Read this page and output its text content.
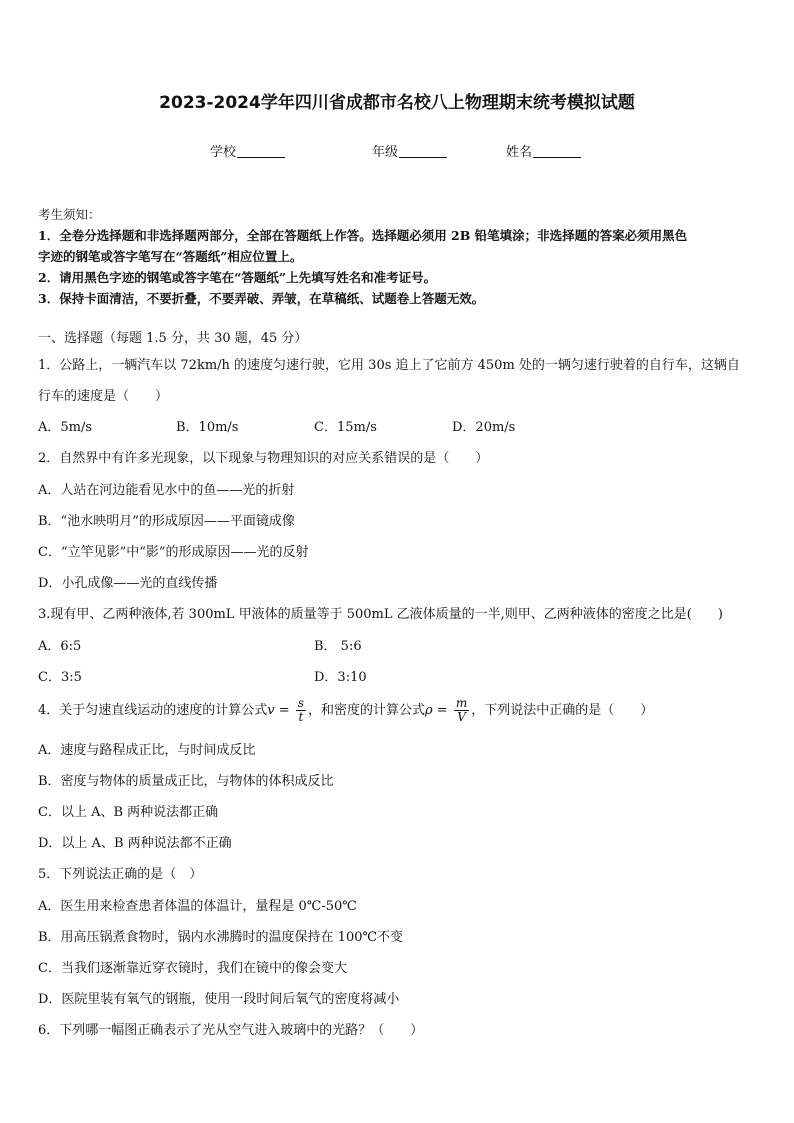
2023-2024学年四川省成都市名校八上物理期末统考模拟试题
学校	年级	姓名
考生须知：
1．全卷分选择题和非选择题两部分，全部在答题纸上作答。选择题必须用 2B 铅笔填涂；非选择题的答案必须用黑色
字迹的钢笔或答字笔写在“答题纸”相应位置上。
2．请用黑色字迹的钢笔或答字笔在“答题纸”上先填写姓名和准考证号。
3．保持卡面清洁，不要折叠，不要弄破、弄皱，在草稿纸、试题卷上答题无效。
一、选择题（每题 1.5 分，共 30 题，45 分）
1．公路上，一辆汽车以 72km/h 的速度匀速行驶，它用 30s 追上了它前方 450m 处的一辆匀速行驶着的自行车，这辆自
行车的速度是（　　）
A．5m/s	B．10m/s	C．15m/s	D．20m/s
2．自然界中有许多光现象，以下现象与物理知识的对应关系错误的是（　　）
A．人站在河边能看见水中的鱼——光的折射
B．“池水映明月”的形成原因——平面镜成像
C．“立竿见影”中“影”的形成原因——光的反射
D．小孔成像——光的直线传播
3.现有甲、乙两种液体,若 300mL 甲液体的质量等于 500mL 乙液体质量的一半,则甲、乙两种液体的密度之比是(　　)
A．6:5	B． 5:6
C．3:5	D．3:10
4．关于匀速直线运动的速度的计算公式$v = \frac{s}{t}$ ，和密度的计算公式$\rho = \frac{m}{V}$ ，下列说法中正确的是（　　）
A．速度与路程成正比，与时间成反比
B．密度与物体的质量成正比，与物体的体积成反比
C．以上 A、B 两种说法都正确
D．以上 A、B 两种说法都不正确
5．下列说法正确的是（　）
A．医生用来检查患者体温的体温计，量程是 0℃-50℃
B．用高压锅煮食物时，锅内水沸腾时的温度保持在 100℃不变
C．当我们逐渐靠近穿衣镜时，我们在镜中的像会变大
D．医院里装有氧气的钢瓶，使用一段时间后氧气的密度将减小
6．下列哪一幅图正确表示了光从空气进入玻璃中的光路？（　　）
